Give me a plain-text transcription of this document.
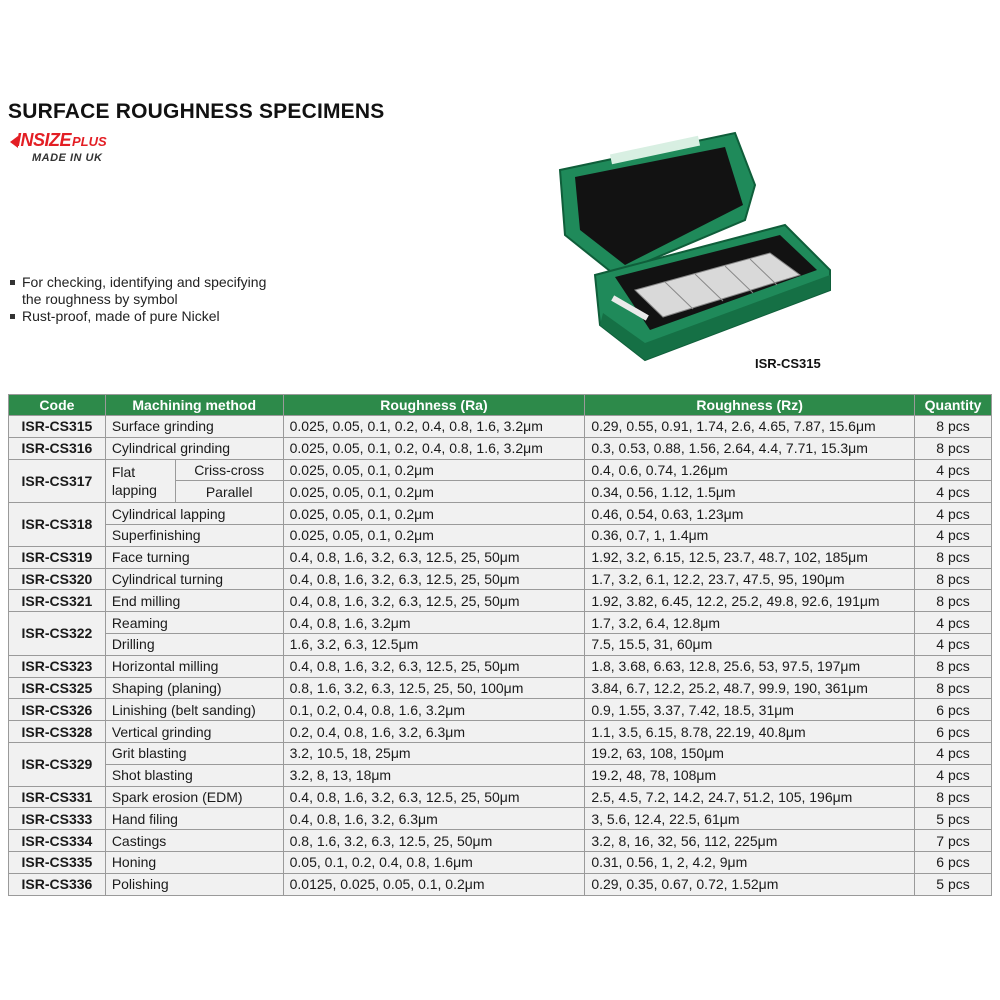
SURFACE ROUGHNESS SPECIMENS
INSIZEPLUS
MADE IN UK
For checking, identifying and specifying
the roughness by symbol
Rust-proof, made of pure Nickel
ISR-CS315
Code	Machining method		Roughness (Ra)	Roughness (Rz)	Quantity
ISR-CS315	Surface grinding		0.025, 0.05, 0.1, 0.2, 0.4, 0.8, 1.6, 3.2μm	0.29, 0.55, 0.91, 1.74, 2.6, 4.65, 7.87, 15.6μm	8 pcs
ISR-CS316	Cylindrical grinding		0.025, 0.05, 0.1, 0.2, 0.4, 0.8, 1.6, 3.2μm	0.3, 0.53, 0.88, 1.56, 2.64, 4.4, 7.71, 15.3μm	8 pcs
ISR-CS317	Flat lapping	Criss-cross	0.025, 0.05, 0.1, 0.2μm	0.4, 0.6, 0.74, 1.26μm	4 pcs
		Parallel	0.025, 0.05, 0.1, 0.2μm	0.34, 0.56, 1.12, 1.5μm	4 pcs
ISR-CS318	Cylindrical lapping		0.025, 0.05, 0.1, 0.2μm	0.46, 0.54, 0.63, 1.23μm	4 pcs
	Superfinishing		0.025, 0.05, 0.1, 0.2μm	0.36, 0.7, 1, 1.4μm	4 pcs
ISR-CS319	Face turning		0.4, 0.8, 1.6, 3.2, 6.3, 12.5, 25, 50μm	1.92, 3.2, 6.15, 12.5, 23.7, 48.7, 102, 185μm	8 pcs
ISR-CS320	Cylindrical turning		0.4, 0.8, 1.6, 3.2, 6.3, 12.5, 25, 50μm	1.7, 3.2, 6.1, 12.2, 23.7, 47.5, 95, 190μm	8 pcs
ISR-CS321	End milling		0.4, 0.8, 1.6, 3.2, 6.3, 12.5, 25, 50μm	1.92, 3.82, 6.45, 12.2, 25.2, 49.8, 92.6, 191μm	8 pcs
ISR-CS322	Reaming		0.4, 0.8, 1.6, 3.2μm	1.7, 3.2, 6.4, 12.8μm	4 pcs
	Drilling		1.6, 3.2, 6.3, 12.5μm	7.5, 15.5, 31, 60μm	4 pcs
ISR-CS323	Horizontal milling		0.4, 0.8, 1.6, 3.2, 6.3, 12.5, 25, 50μm	1.8, 3.68, 6.63, 12.8, 25.6, 53, 97.5, 197μm	8 pcs
ISR-CS325	Shaping (planing)		0.8, 1.6, 3.2, 6.3, 12.5, 25, 50, 100μm	3.84, 6.7, 12.2, 25.2, 48.7, 99.9, 190, 361μm	8 pcs
ISR-CS326	Linishing (belt sanding)		0.1, 0.2, 0.4, 0.8, 1.6, 3.2μm	0.9, 1.55, 3.37, 7.42, 18.5, 31μm	6 pcs
ISR-CS328	Vertical grinding		0.2, 0.4, 0.8, 1.6, 3.2, 6.3μm	1.1, 3.5, 6.15, 8.78, 22.19, 40.8μm	6 pcs
ISR-CS329	Grit blasting		3.2, 10.5, 18, 25μm	19.2, 63, 108, 150μm	4 pcs
	Shot blasting		3.2, 8, 13, 18μm	19.2, 48, 78, 108μm	4 pcs
ISR-CS331	Spark erosion (EDM)		0.4, 0.8, 1.6, 3.2, 6.3, 12.5, 25, 50μm	2.5, 4.5, 7.2, 14.2, 24.7, 51.2, 105, 196μm	8 pcs
ISR-CS333	Hand filing		0.4, 0.8, 1.6, 3.2, 6.3μm	3, 5.6, 12.4, 22.5, 61μm	5 pcs
ISR-CS334	Castings		0.8, 1.6, 3.2, 6.3, 12.5, 25, 50μm	3.2, 8, 16, 32, 56, 112, 225μm	7 pcs
ISR-CS335	Honing		0.05, 0.1, 0.2, 0.4, 0.8, 1.6μm	0.31, 0.56, 1, 2, 4.2, 9μm	6 pcs
ISR-CS336	Polishing		0.0125, 0.025, 0.05, 0.1, 0.2μm	0.29, 0.35, 0.67, 0.72, 1.52μm	5 pcs
